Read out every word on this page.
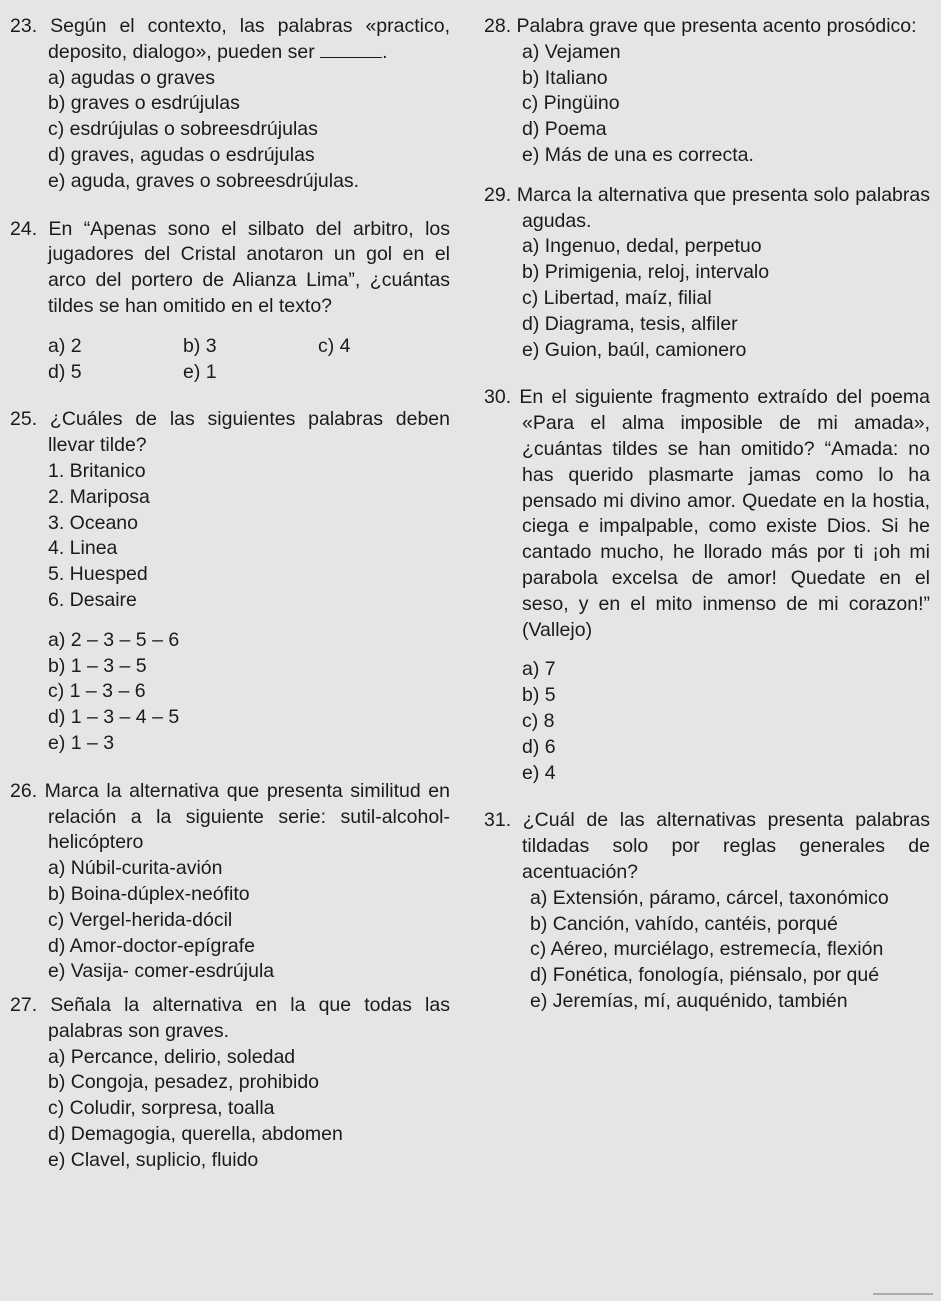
23. Según el contexto, las palabras «practico, deposito, dialogo», pueden ser	.
a) agudas o graves
b) graves o esdrújulas
c) esdrújulas o sobreesdrújulas
d) graves, agudas o esdrújulas
e) aguda, graves o sobreesdrújulas.
24. En “Apenas sono el silbato del arbitro, los jugadores del Cristal anotaron un gol en el arco del portero de Alianza Lima”, ¿cuántas tildes se han omitido en el texto?
a) 2	b) 3	c) 4
d) 5	e) 1
25. ¿Cuáles de las siguientes palabras deben llevar tilde?
1. Britanico
2. Mariposa
3. Oceano
4. Linea
5. Huesped
6. Desaire
a) 2 – 3 – 5 – 6
b) 1 – 3 – 5
c) 1 – 3 – 6
d) 1 – 3 – 4 – 5
e) 1 – 3
26. Marca la alternativa que presenta similitud en relación a la siguiente serie: sutil-alcohol-helicóptero
a) Núbil-curita-avión
b) Boina-dúplex-neófito
c) Vergel-herida-dócil
d) Amor-doctor-epígrafe
e) Vasija- comer-esdrújula
27. Señala la alternativa en la que todas las palabras son graves.
a) Percance, delirio, soledad
b) Congoja, pesadez, prohibido
c) Coludir, sorpresa, toalla
d) Demagogia, querella, abdomen
e) Clavel, suplicio, fluido
28. Palabra grave que presenta acento prosódico:
a) Vejamen
b) Italiano
c) Pingüino
d) Poema
e) Más de una es correcta.
29. Marca la alternativa que presenta solo palabras agudas.
a) Ingenuo, dedal, perpetuo
b) Primigenia, reloj, intervalo
c) Libertad, maíz, filial
d) Diagrama, tesis, alfiler
e) Guion, baúl, camionero
30. En el siguiente fragmento extraído del poema «Para el alma imposible de mi amada», ¿cuántas tildes se han omitido? “Amada: no has querido plasmarte jamas como lo ha pensado mi divino amor. Quedate en la hostia, ciega e impalpable, como existe Dios. Si he cantado mucho, he llorado más por ti ¡oh mi parabola excelsa de amor! Quedate en el seso, y en el mito inmenso de mi corazon!” (Vallejo)
a) 7
b) 5
c) 8
d) 6
e) 4
31. ¿Cuál de las alternativas presenta palabras tildadas solo por reglas generales de acentuación?
a) Extensión, páramo, cárcel, taxonómico
b) Canción, vahído, cantéis, porqué
c) Aéreo, murciélago, estremecía, flexión
d) Fonética, fonología, piénsalo, por qué
e) Jeremías, mí, auquénido, también
